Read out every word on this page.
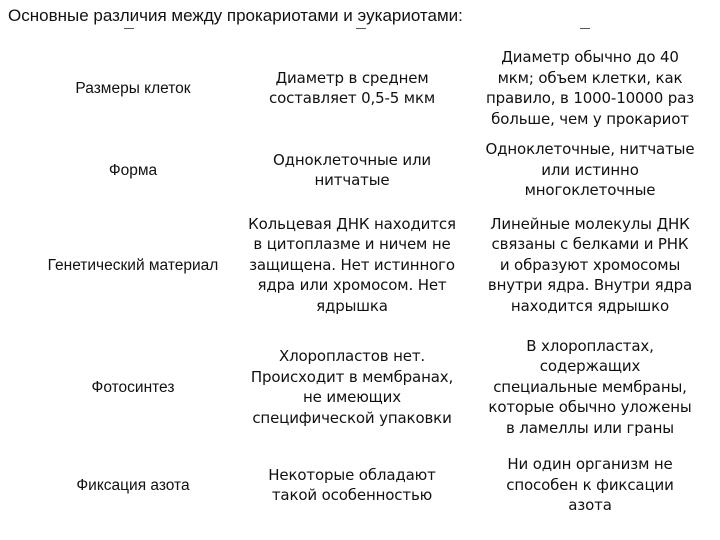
Основные различия между прокариотами и эукариотами:
Размеры клеток
Диаметр в среднем
составляет 0,5-5 мкм
Диаметр обычно до 40
мкм; объем клетки, как
правило, в 1000-10000 раз
больше, чем у прокариот
Форма
Одноклеточные или
нитчатые
Одноклеточные, нитчатые
или истинно
многоклеточные
Генетический материал
Кольцевая ДНК находится
в цитоплазме и ничем не
защищена. Нет истинного
ядра или хромосом. Нет
ядрышка
Линейные молекулы ДНК
связаны с белками и РНК
и образуют хромосомы
внутри ядра. Внутри ядра
находится ядрышко
Фотосинтез
Хлоропластов нет.
Происходит в мембранах,
не имеющих
специфической упаковки
В хлоропластах,
содержащих
специальные мембраны,
которые обычно уложены
в ламеллы или граны
Фиксация азота
Некоторые обладают
такой особенностью
Ни один организм не
способен к фиксации
азота
